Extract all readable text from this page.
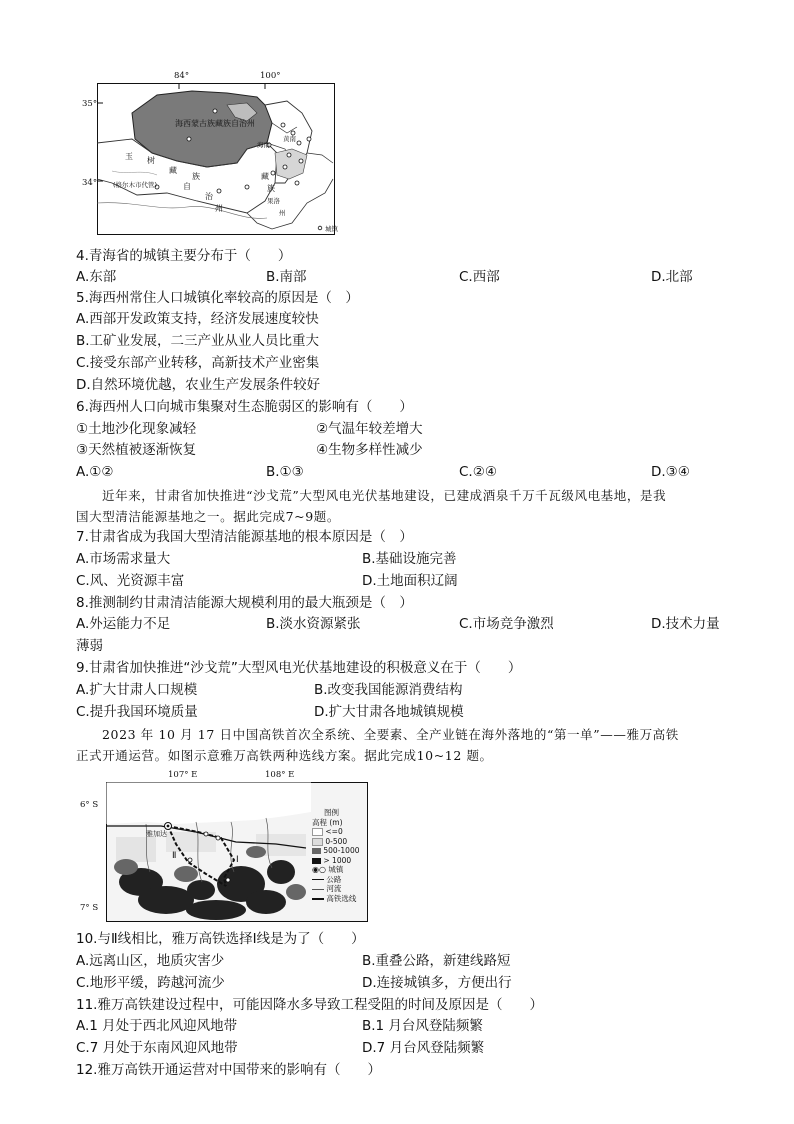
84°	100°
35°
34°
海西蒙古族藏族自治州
玉 树
藏
族
自
治
州
藏
族
海南
黄南
果洛
州
(格尔木市代管)
城镇
4.青海省的城镇主要分布于（　　）
A.东部	B.南部	C.西部	D.北部
5.海西州常住人口城镇化率较高的原因是（　）
A.西部开发政策支持，经济发展速度较快
B.工矿业发展，二三产业从业人员比重大
C.接受东部产业转移，高新技术产业密集
D.自然环境优越，农业生产发展条件较好
6.海西州人口向城市集聚对生态脆弱区的影响有（　　）
①土地沙化现象减轻	②气温年较差增大
③天然植被逐渐恢复	④生物多样性减少
A.①②	B.①③	C.②④	D.③④
近年来，甘肃省加快推进“沙戈荒”大型风电光伏基地建设，已建成酒泉千万千瓦级风电基地，是我
国大型清洁能源基地之一。据此完成7~9题。
7.甘肃省成为我国大型清洁能源基地的根本原因是（　）
A.市场需求量大	B.基础设施完善
C.风、光资源丰富	D.土地面积辽阔
8.推测制约甘肃清洁能源大规模利用的最大瓶颈是（　）
A.外运能力不足	B.淡水资源紧张	C.市场竞争激烈	D.技术力量
薄弱
9.甘肃省加快推进“沙戈荒”大型风电光伏基地建设的积极意义在于（　　）
A.扩大甘肃人口规模	B.改变我国能源消费结构
C.提升我国环境质量	D.扩大甘肃各地城镇规模
2023 年 10 月 17 日中国高铁首次全系统、全要素、全产业链在海外落地的“第一单”——雅万高铁
正式开通运营。如图示意雅万高铁两种选线方案。据此完成10~12 题。
107° E	108° E
6° S
7° S
雅加达
Ⅰ
Ⅱ
图例
高程 (m)
<=0
0-500
500-1000
> 1000
◉○ 城镇
公路
河流
高铁选线
10.与Ⅱ线相比，雅万高铁选择Ⅰ线是为了（　　）
A.远离山区，地质灾害少	B.重叠公路，新建线路短
C.地形平缓，跨越河流少	D.连接城镇多，方便出行
11.雅万高铁建设过程中，可能因降水多导致工程受阻的时间及原因是（　　）
A.1 月处于西北风迎风地带	B.1 月台风登陆频繁
C.7 月处于东南风迎风地带	D.7 月台风登陆频繁
12.雅万高铁开通运营对中国带来的影响有（　　）
